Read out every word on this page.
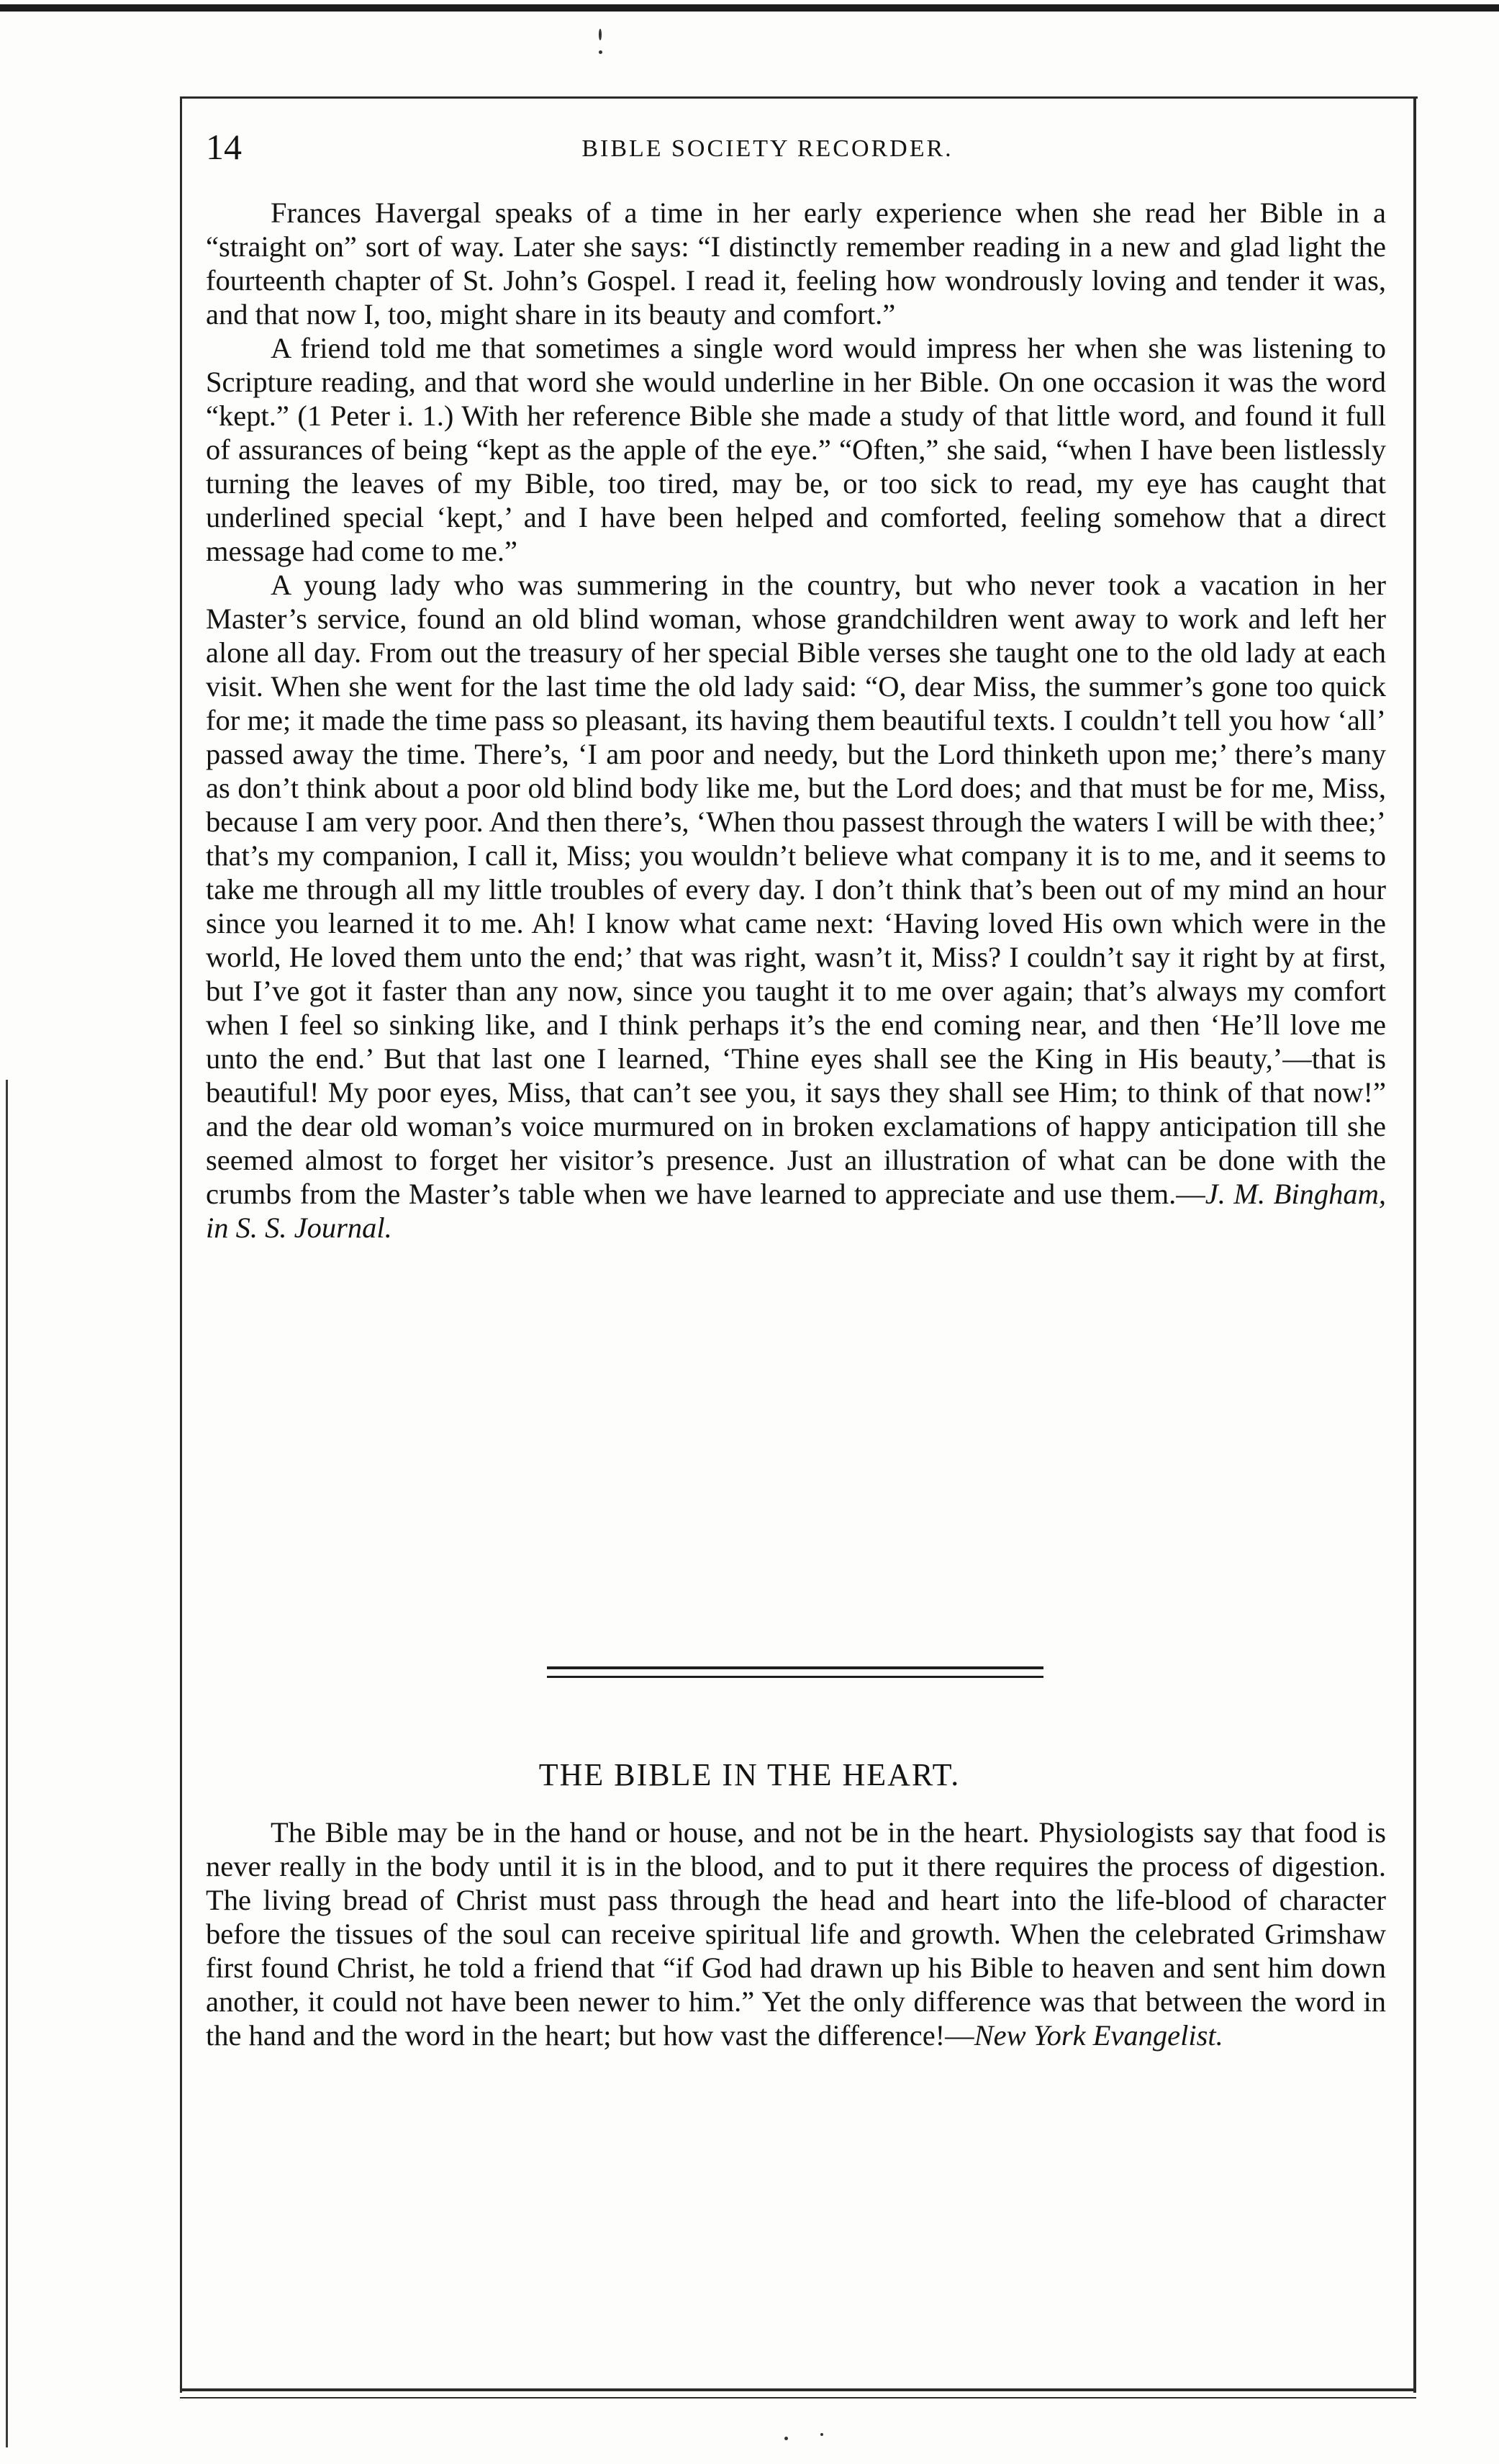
14	BIBLE SOCIETY RECORDER.

Frances Havergal speaks of a time in her early experience when she read her Bible in a “straight on” sort of way. Later she says: “I distinctly remember reading in a new and glad light the fourteenth chapter of St. John’s Gospel. I read it, feeling how wondrously loving and tender it was, and that now I, too, might share in its beauty and comfort.”

A friend told me that sometimes a single word would impress her when she was listening to Scripture reading, and that word she would underline in her Bible. On one occasion it was the word “kept.” (1 Peter i. 1.) With her reference Bible she made a study of that little word, and found it full of assurances of being “kept as the apple of the eye.” “Often,” she said, “when I have been listlessly turning the leaves of my Bible, too tired, may be, or too sick to read, my eye has caught that underlined special ‘kept,’ and I have been helped and comforted, feeling somehow that a direct message had come to me.”

A young lady who was summering in the country, but who never took a vacation in her Master’s service, found an old blind woman, whose grandchildren went away to work and left her alone all day. From out the treasury of her special Bible verses she taught one to the old lady at each visit. When she went for the last time the old lady said: “O, dear Miss, the summer’s gone too quick for me; it made the time pass so pleasant, its having them beautiful texts. I couldn’t tell you how ‘all’ passed away the time. There’s, ‘I am poor and needy, but the Lord thinketh upon me;’ there’s many as don’t think about a poor old blind body like me, but the Lord does; and that must be for me, Miss, because I am very poor. And then there’s, ‘When thou passest through the waters I will be with thee;’ that’s my companion, I call it, Miss; you wouldn’t believe what company it is to me, and it seems to take me through all my little troubles of every day. I don’t think that’s been out of my mind an hour since you learned it to me. Ah! I know what came next: ‘Having loved His own which were in the world, He loved them unto the end;’ that was right, wasn’t it, Miss? I couldn’t say it right by at first, but I’ve got it faster than any now, since you taught it to me over again; that’s always my comfort when I feel so sinking like, and I think perhaps it’s the end coming near, and then ‘He’ll love me unto the end.’ But that last one I learned, ‘Thine eyes shall see the King in His beauty,’—that is beautiful! My poor eyes, Miss, that can’t see you, it says they shall see Him; to think of that now!” and the dear old woman’s voice murmured on in broken exclamations of happy anticipation till she seemed almost to forget her visitor’s presence. Just an illustration of what can be done with the crumbs from the Master’s table when we have learned to appreciate and use them.—J. M. Bingham, in S. S. Journal.

THE BIBLE IN THE HEART.

The Bible may be in the hand or house, and not be in the heart. Physiologists say that food is never really in the body until it is in the blood, and to put it there requires the process of digestion. The living bread of Christ must pass through the head and heart into the life-blood of character before the tissues of the soul can receive spiritual life and growth. When the celebrated Grimshaw first found Christ, he told a friend that “if God had drawn up his Bible to heaven and sent him down another, it could not have been newer to him.” Yet the only difference was that between the word in the hand and the word in the heart; but how vast the difference!—New York Evangelist.
